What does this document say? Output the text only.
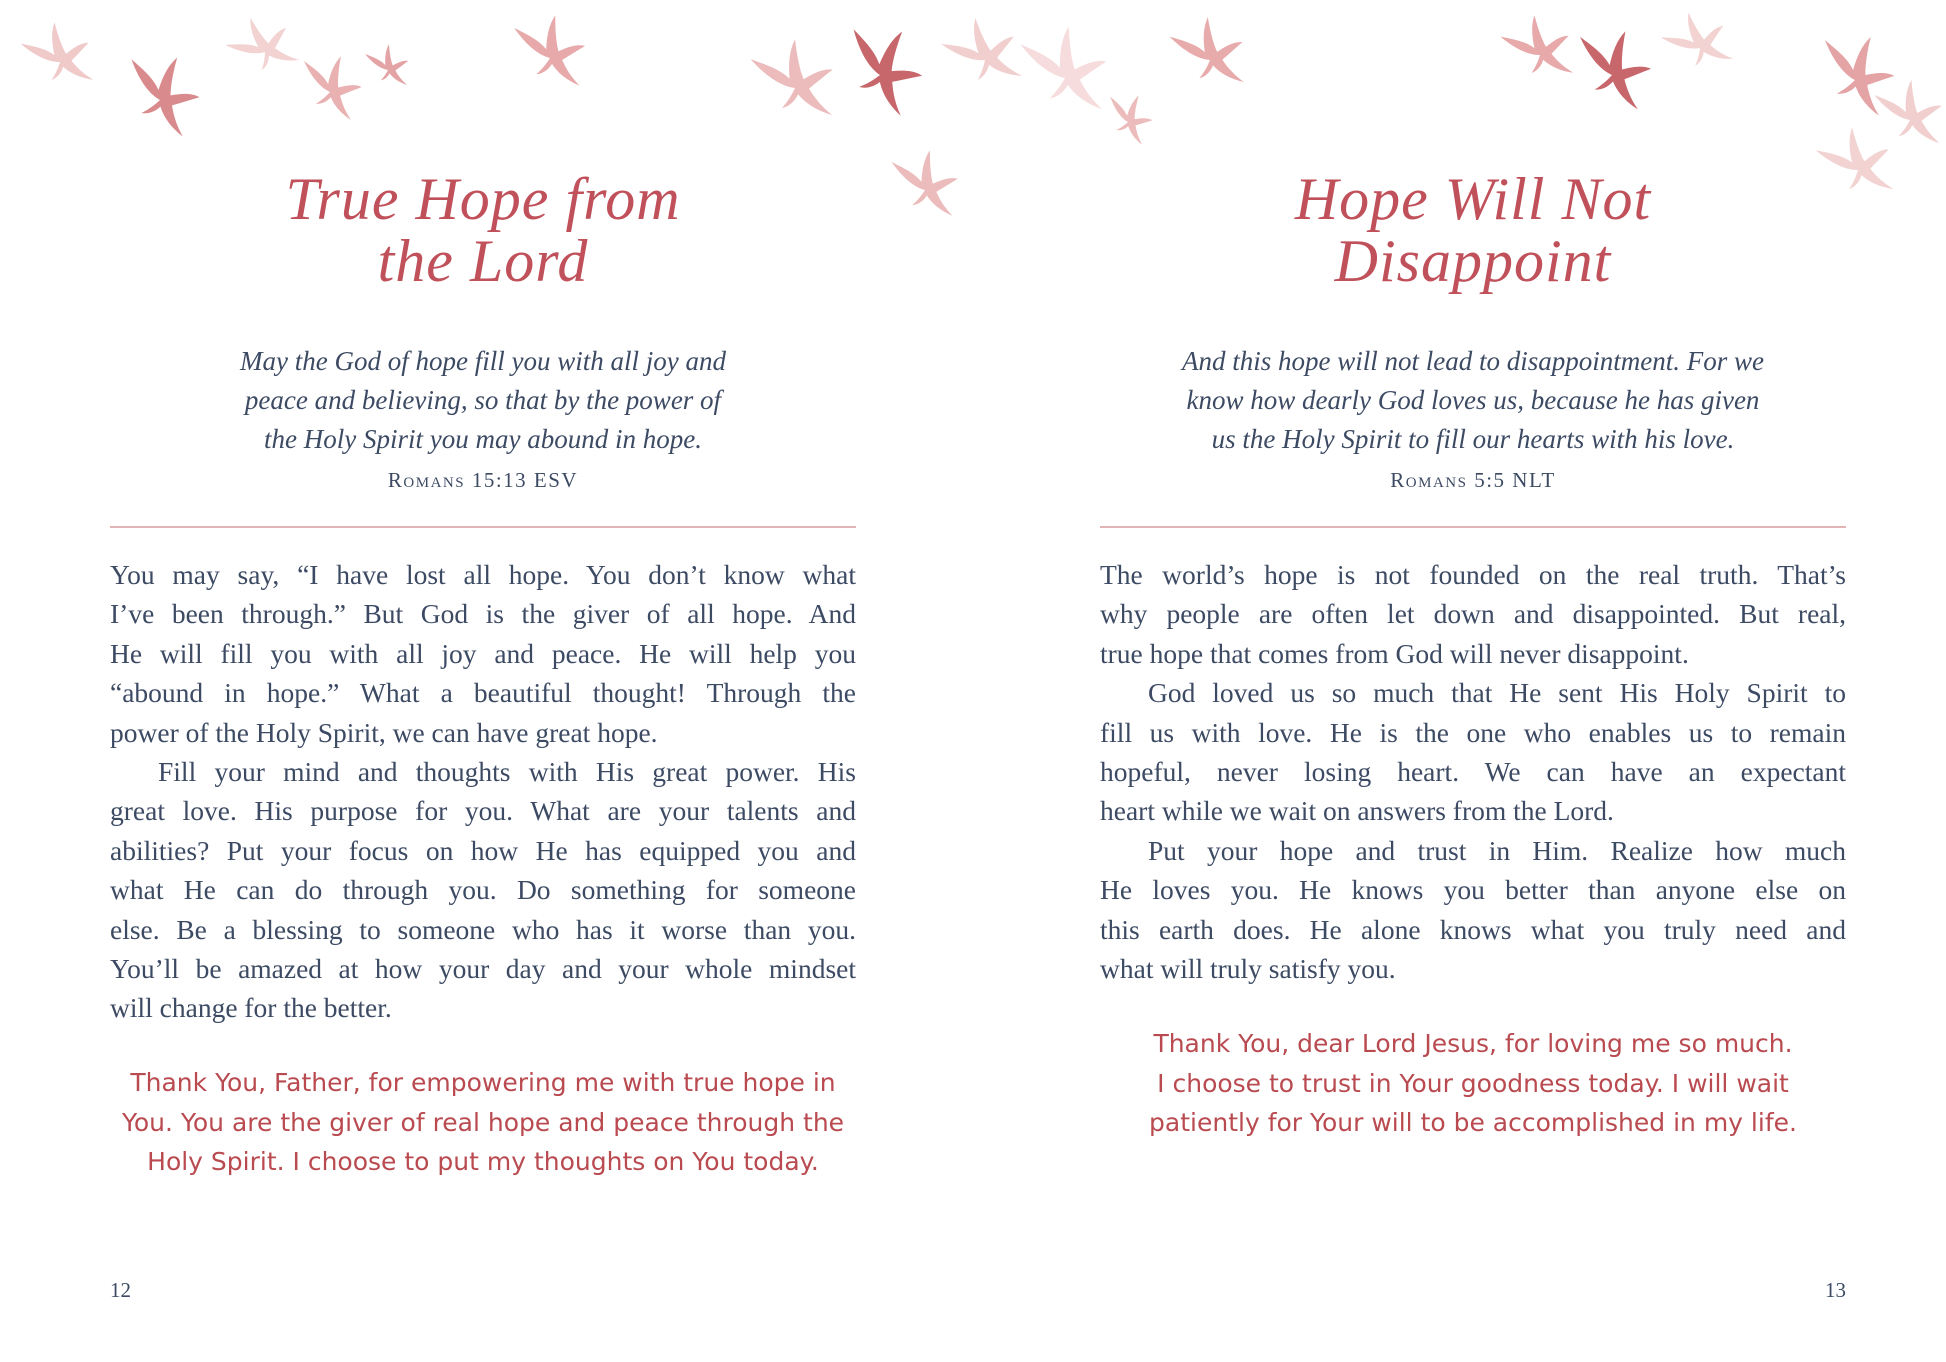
True Hope from
the Lord
May the God of hope fill you with all joy and
peace and believing, so that by the power of
the Holy Spirit you may abound in hope.
Romans 15:13 ESV
You may say, “I have lost all hope. You don’t know what
I’ve been through.” But God is the giver of all hope. And
He will fill you with all joy and peace. He will help you
“abound in hope.” What a beautiful thought! Through the
power of the Holy Spirit, we can have great hope.
Fill your mind and thoughts with His great power. His
great love. His purpose for you. What are your talents and
abilities? Put your focus on how He has equipped you and
what He can do through you. Do something for someone
else. Be a blessing to someone who has it worse than you.
You’ll be amazed at how your day and your whole mindset
will change for the better.
Thank You, Father, for empowering me with true hope in
You. You are the giver of real hope and peace through the
Holy Spirit. I choose to put my thoughts on You today.
12
Hope Will Not
Disappoint
And this hope will not lead to disappointment. For we
know how dearly God loves us, because he has given
us the Holy Spirit to fill our hearts with his love.
Romans 5:5 NLT
The world’s hope is not founded on the real truth. That’s
why people are often let down and disappointed. But real,
true hope that comes from God will never disappoint.
God loved us so much that He sent His Holy Spirit to
fill us with love. He is the one who enables us to remain
hopeful, never losing heart. We can have an expectant
heart while we wait on answers from the Lord.
Put your hope and trust in Him. Realize how much
He loves you. He knows you better than anyone else on
this earth does. He alone knows what you truly need and
what will truly satisfy you.
Thank You, dear Lord Jesus, for loving me so much.
I choose to trust in Your goodness today. I will wait
patiently for Your will to be accomplished in my life.
13
